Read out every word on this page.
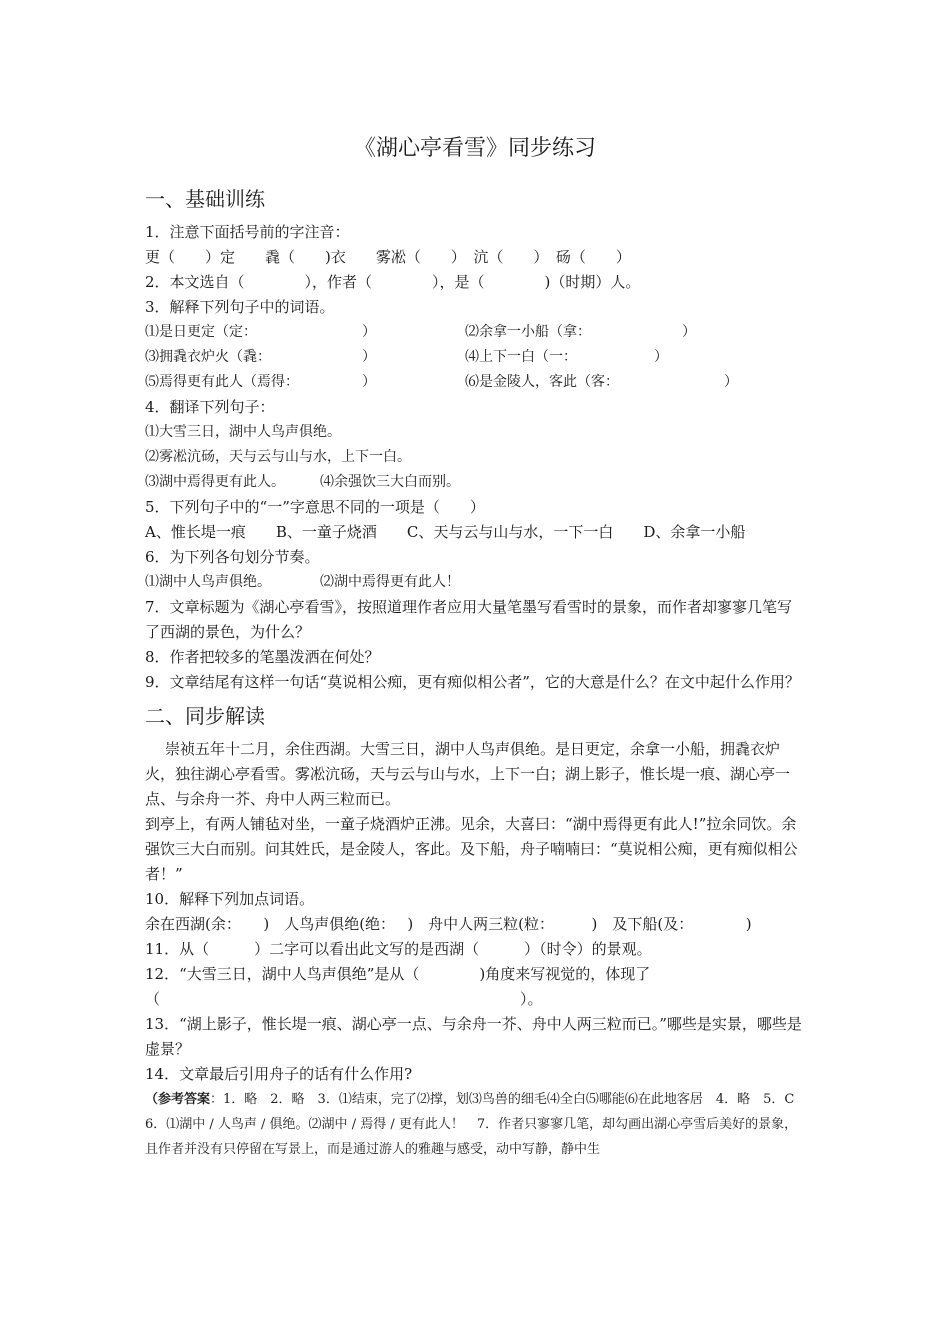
《湖心亭看雪》同步练习
一、基础训练
1．注意下面括号前的字注音：
更（　　）定　　毳（　　)衣　　雾凇（　　）　沆（　　）　砀（　　）
2．本文选自（　　　　），作者（　　　　），是（　　　　)（时期）人。
3．解释下列句子中的词语。
⑴是日更定（定：　　　　　　　　）	⑵余拿一小船（拿：　　　　　　　）
⑶拥毳衣炉火（毳：　　　　　　　）	⑷上下一白（一：　　　　　　）
⑸焉得更有此人（焉得：　　　　　）	⑹是金陵人，客此（客：　　　　　　　　）
4．翻译下列句子：
⑴大雪三日，湖中人鸟声俱绝。
⑵雾凇沆砀，天与云与山与水，上下一白。
⑶湖中焉得更有此人。　　　⑷余强饮三大白而别。
5．下列句子中的“一”字意思不同的一项是（　　）
A、惟长堤一痕　　B、一童子烧酒　　C、天与云与山与水，一下一白　　D、余拿一小船
6．为下列各句划分节奏。
⑴湖中人鸟声俱绝。　　　　⑵湖中焉得更有此人！
7．文章标题为《湖心亭看雪》，按照道理作者应用大量笔墨写看雪时的景象，而作者却寥寥几笔写了西湖的景色，为什么？
8．作者把较多的笔墨泼洒在何处？
9．文章结尾有这样一句话“莫说相公痴，更有痴似相公者”，它的大意是什么？在文中起什么作用？
二、同步解读
崇祯五年十二月，余住西湖。大雪三日，湖中人鸟声俱绝。是日更定，余拿一小船，拥毳衣炉火，独往湖心亭看雪。雾凇沆砀，天与云与山与水，上下一白；湖上影子，惟长堤一痕、湖心亭一点、与余舟一芥、舟中人两三粒而已。
到亭上，有两人铺毡对坐，一童子烧酒炉正沸。见余，大喜曰：“湖中焉得更有此人!”拉余同饮。余强饮三大白而别。问其姓氏，是金陵人，客此。及下船，舟子喃喃曰：“莫说相公痴，更有痴似相公者！”
10．解释下列加点词语。
余在西湖(余：　　)　人鸟声俱绝(绝：　 )　舟中人两三粒(粒：　　　)　及下船(及：　　　　)
11．从（　　　）二字可以看出此文写的是西湖（　　　）（时令）的景观。
12．“大雪三日，湖中人鸟声俱绝”是从（　　　　)角度来写视觉的，体现了（　　　　　　　　　　　　　　　　　　　　　　　　）。
13．“湖上影子，惟长堤一痕、湖心亭一点、与余舟一芥、舟中人两三粒而已。”哪些是实景，哪些是虚景？
14．文章最后引用舟子的话有什么作用?
（参考答案：1．略　2．略　3．⑴结束，完了⑵撑，划⑶鸟兽的细毛⑷全白⑸哪能⑹在此地客居　4．略　5．C　6．⑴湖中 / 人鸟声 / 俱绝。⑵湖中 / 焉得 / 更有此人！　7．作者只寥寥几笔，却勾画出湖心亭雪后美好的景象，且作者并没有只停留在写景上，而是通过游人的雅趣与感受，动中写静，静中生
